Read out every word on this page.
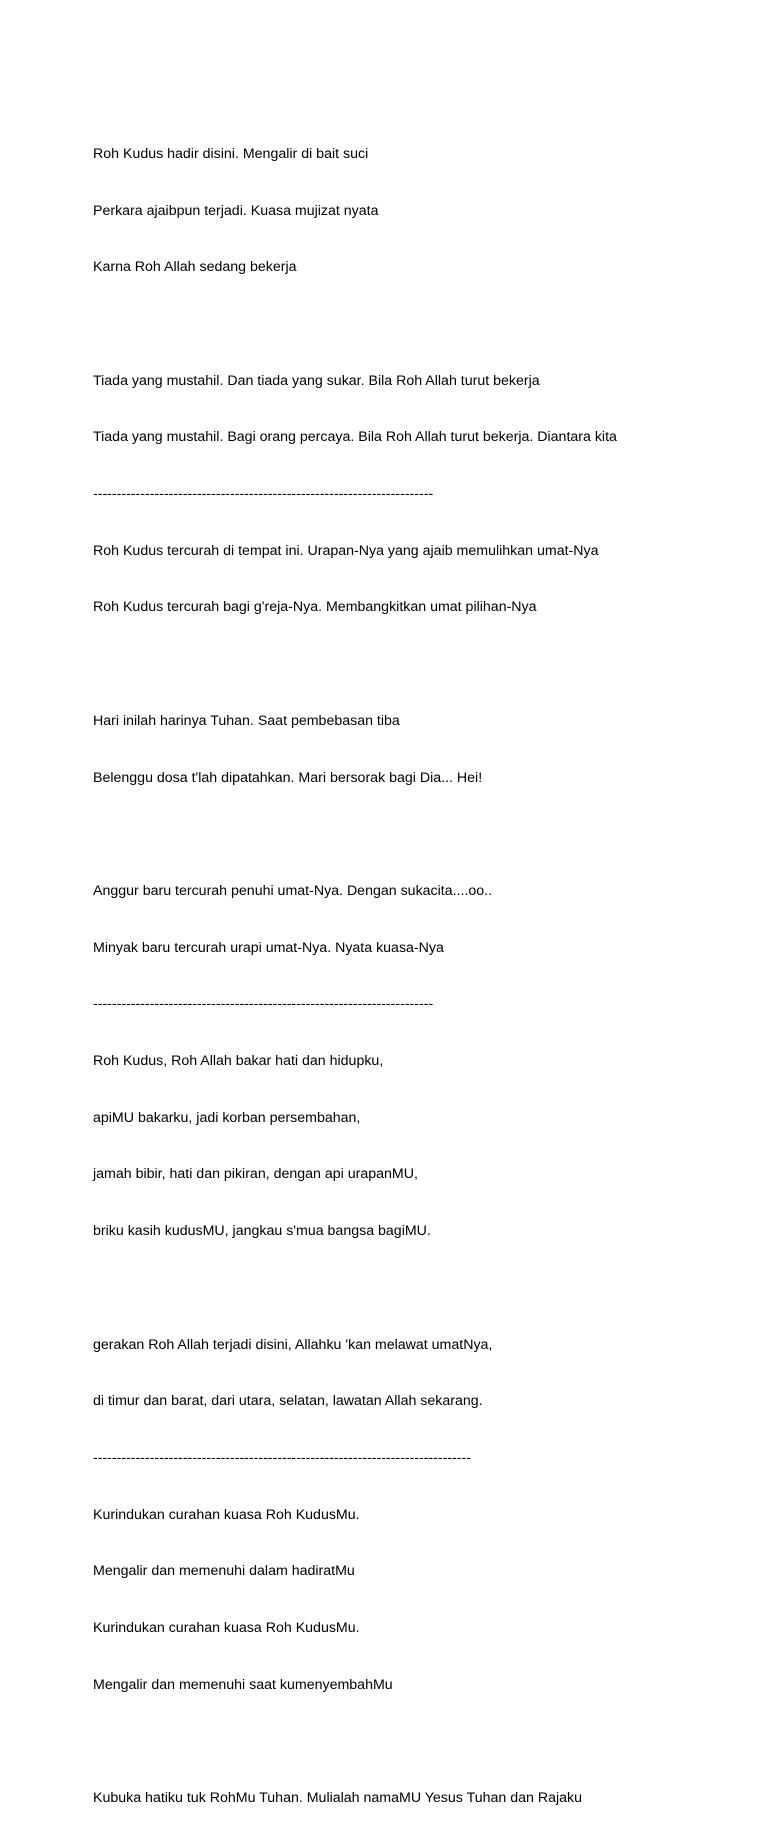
Roh Kudus hadir disini. Mengalir di bait suci

Perkara ajaibpun terjadi. Kuasa mujizat nyata

Karna Roh Allah sedang bekerja

Tiada yang mustahil. Dan tiada yang sukar. Bila Roh Allah turut bekerja

Tiada yang mustahil. Bagi orang percaya. Bila Roh Allah turut bekerja. Diantara kita

------------------------------------------------------------------------

Roh Kudus tercurah di tempat ini. Urapan-Nya yang ajaib memulihkan umat-Nya

Roh Kudus tercurah bagi g'reja-Nya. Membangkitkan umat pilihan-Nya

Hari inilah harinya Tuhan. Saat pembebasan tiba

Belenggu dosa t'lah dipatahkan. Mari bersorak bagi Dia... Hei!

Anggur baru tercurah penuhi umat-Nya. Dengan sukacita....oo..

Minyak baru tercurah urapi umat-Nya. Nyata kuasa-Nya

------------------------------------------------------------------------

Roh Kudus, Roh Allah bakar hati dan hidupku,

apiMU bakarku, jadi korban persembahan,

jamah bibir, hati dan pikiran, dengan api urapanMU,

briku kasih kudusMU, jangkau s'mua bangsa bagiMU.

gerakan Roh Allah terjadi disini, Allahku 'kan melawat umatNya,

di timur dan barat, dari utara, selatan, lawatan Allah sekarang.

--------------------------------------------------------------------------------

Kurindukan curahan kuasa Roh KudusMu.

Mengalir dan memenuhi dalam hadiratMu

Kurindukan curahan kuasa Roh KudusMu.

Mengalir dan memenuhi saat kumenyembahMu

Kubuka hatiku tuk RohMu Tuhan. Mulialah namaMU Yesus Tuhan dan Rajaku
